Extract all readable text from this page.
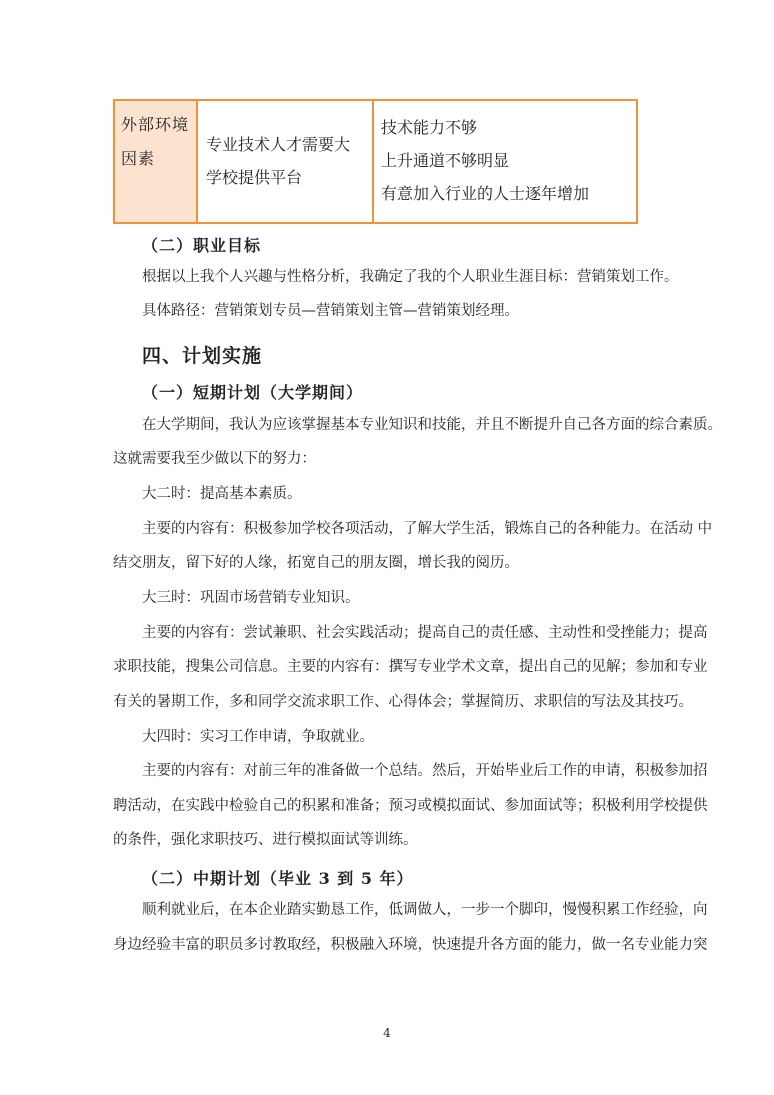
外部环境
因素
专业技术人才需要大
学校提供平台
技术能力不够
上升通道不够明显
有意加入行业的人士逐年增加
（二）职业目标
根据以上我个人兴趣与性格分析，我确定了我的个人职业生涯目标：营销策划工作。
具体路径：营销策划专员—营销策划主管—营销策划经理。
四、计划实施
（一）短期计划（大学期间）
在大学期间，我认为应该掌握基本专业知识和技能，并且不断提升自己各方面的综合素质。
这就需要我至少做以下的努力：
大二时：提高基本素质。
主要的内容有：积极参加学校各项活动，了解大学生活，锻炼自己的各种能力。在活动 中
结交朋友，留下好的人缘，拓宽自己的朋友圈，增长我的阅历。
大三时：巩固市场营销专业知识。
主要的内容有：尝试兼职、社会实践活动；提高自己的责任感、主动性和受挫能力；提高
求职技能，搜集公司信息。主要的内容有：撰写专业学术文章，提出自己的见解；参加和专业
有关的暑期工作，多和同学交流求职工作、心得体会；掌握简历、求职信的写法及其技巧。
大四时：实习工作申请，争取就业。
主要的内容有：对前三年的准备做一个总结。然后，开始毕业后工作的申请，积极参加招
聘活动，在实践中检验自己的积累和准备；预习或模拟面试、参加面试等；积极利用学校提供
的条件，强化求职技巧、进行模拟面试等训练。
（二）中期计划（毕业 3 到 5 年）
顺利就业后，在本企业踏实勤恳工作，低调做人，一步一个脚印，慢慢积累工作经验，向
身边经验丰富的职员多讨教取经，积极融入环境，快速提升各方面的能力，做一名专业能力突
4
